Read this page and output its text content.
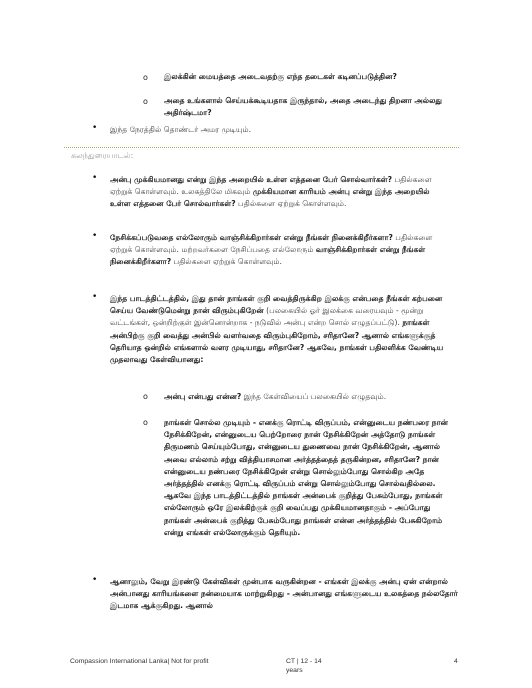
o இலக்கின் மையத்தை அடைவதற்கு எந்த தடைகள் கடினப்படுத்தின?

o அதை உங்களால் செய்யக்கூடியதாக இருந்தால், அதை அடைந்து திறனா அல்லது அதிர்ஷ்டமா?

• இந்த நேரத்தில் தொண்டர் அமர முடியும்.

கலந்துரையாடல்:

• அன்பு முக்கியமானது என்று இந்த அறையில் உள்ள எத்தனை பேர் சொல்வார்கள்? பதில்களை ஏற்றுக் கொள்ளவும். உலகத்திலே மிகவும் முக்கியமான காரியம் அன்பு என்று இந்த அறையில் உள்ள எத்தனை பேர் சொல்வார்கள்? பதில்களை ஏற்றுக் கொள்ளவும்.
• நேசிக்கப்படுவதை எல்லோரும் வாஞ்சிக்கிறார்கள் என்று நீங்கள் நினைக்கிறீர்களா? பதில்களை ஏற்றுக் கொள்ளவும். மற்றவர்களை நேசிப்பதை எல்லோரும் வாஞ்சிக்கிறார்கள் என்று நீங்கள் நினைக்கிறீர்களா? பதில்களை ஏற்றுக் கொள்ளவும்.
• இந்த பாடத்திட்டத்தில், இது தான் நாங்கள் குறி வைத்திருக்கிற இலக்கு என்பதை நீங்கள் கற்பனை செய்ய வேண்டுமென்று நான் விரும்புகிறேன் (பலகையில் ஓர் இலக்கை வரையவும் - மூன்று வட்டங்கள், ஒன்றிற்குள் இன்னொன்றாக - நடுவில் அன்பு என்ற சொல் எழுதப்பட்டு). நாங்கள் அன்பிற்கு குறி வைத்து அன்பில் வளர்வதை விரும்புகிறோம், சரிதானே? ஆனால் எங்களுக்குத் தெரியாத ஒன்றில் எங்களால் வளர முடியாது, சரிதானே? ஆகவே, நாங்கள் பதிலளிக்க வேண்டிய முதலாவது கேள்வியானது:
o அன்பு என்பது என்ன? இந்த கேள்வியைப் பலகையில் எழுதவும்.
o நாங்கள் சொல்ல முடியும் - எனக்கு ரொட்டி விருப்பம், என்னுடைய நண்பரை நான் நேசிக்கிறேன், என்னுடைய பெற்றோரை நான் நேசிக்கிறேன் அத்தோடு நாங்கள் திருமணம் செய்யும்போது, என்னுடைய துணைவை நான் நேசிக்கிறேன், ஆனால் அவை எல்லாம் சற்று வித்தியாசமான அர்த்தத்தைத் தருகின்றன, சரிதானே? நான் என்னுடைய நண்பரை நேசிக்கிறேன் என்று சொல்லும்போது சொல்கிற அதே அர்த்தத்தில் எனக்கு ரொட்டி விருப்பம் என்று சொல்லும்போது சொல்வதில்லை. ஆகவே இந்த பாடத்திட்டத்தில் நாங்கள் அன்பைக் குறித்து பேசும்போது, நாங்கள் எல்லோரும் ஒரே இலக்கிற்குக் குறி வைப்பது முக்கியமானதாகும் - அப்போது நாங்கள் அன்பைக் குறித்து பேசும்போது நாங்கள் என்ன அர்த்தத்தில் பேசுகிறோம் என்று எங்கள் எல்லோருக்கும் தெரியும்.

• ஆனாலும், வேறு இரண்டு கேள்விகள் முன்பாக வருகின்றன - எங்கள் இலக்கு அன்பு ஏன் என்றால் அன்பானது காரியங்களை நன்மையாக மாற்றுகிறது - அன்பானது எங்களுடைய உலகத்தை நல்லதோர் இடமாக ஆக்குகிறது. ஆனால்

Compassion International Lanka| Not for profit	CT | 12 - 14

years

4
